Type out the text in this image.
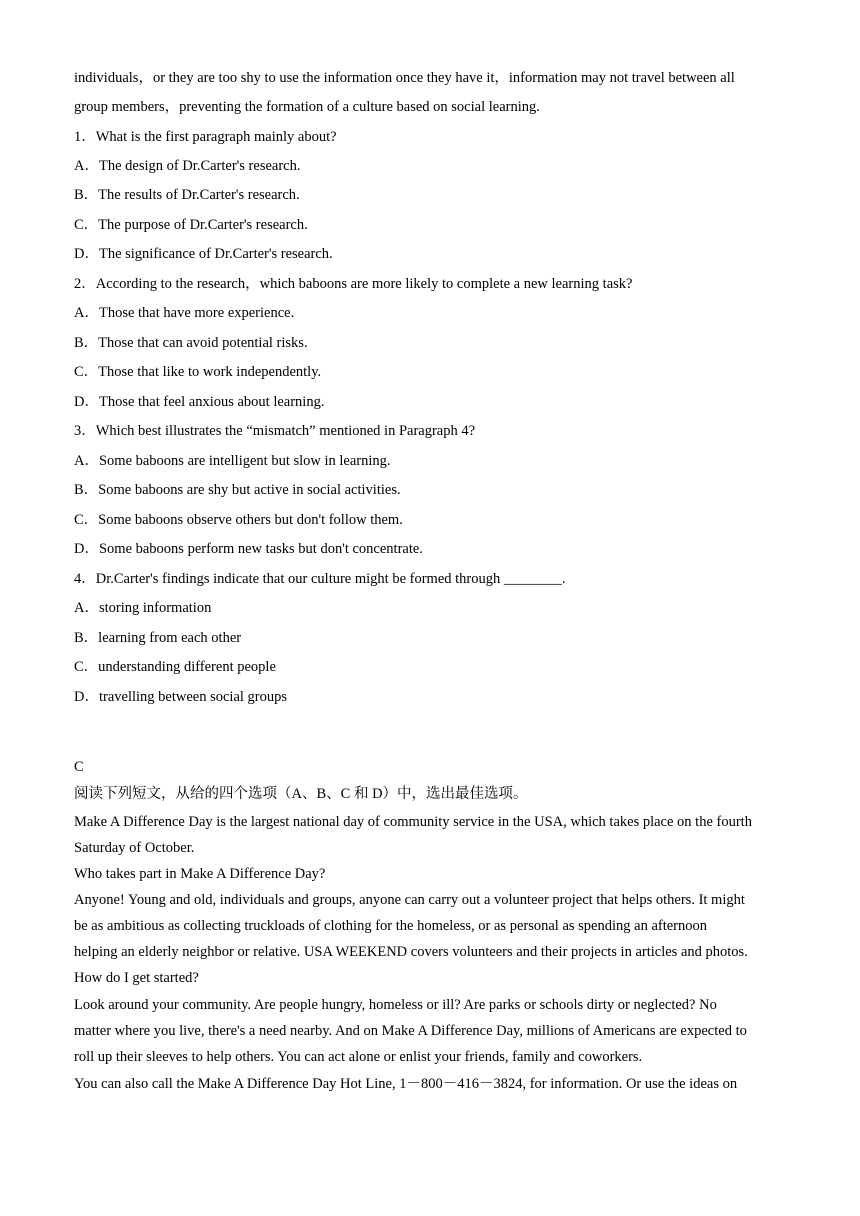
individuals，or they are too shy to use the information once they have it，information may not travel between all
group members，preventing the formation of a culture based on social learning.
1．What is the first paragraph mainly about?
A．The design of Dr.Carter's research.
B．The results of Dr.Carter's research.
C．The purpose of Dr.Carter's research.
D．The significance of Dr.Carter's research.
2．According to the research，which baboons are more likely to complete a new learning task?
A．Those that have more experience.
B．Those that can avoid potential risks.
C．Those that like to work independently.
D．Those that feel anxious about learning.
3．Which best illustrates the “mismatch” mentioned in Paragraph 4?
A．Some baboons are intelligent but slow in learning.
B．Some baboons are shy but active in social activities.
C．Some baboons observe others but don't follow them.
D．Some baboons perform new tasks but don't concentrate.
4．Dr.Carter's findings indicate that our culture might be formed through ________.
A．storing information
B．learning from each other
C．understanding different people
D．travelling between social groups
C
阅读下列短文，从给的四个选项（A、B、C 和 D）中，选出最佳选项。
Make A Difference Day is the largest national day of community service in the USA, which takes place on the fourth
Saturday of October.
Who takes part in Make A Difference Day?
Anyone! Young and old, individuals and groups, anyone can carry out a volunteer project that helps others. It might
be as ambitious as collecting truckloads of clothing for the homeless, or as personal as spending an afternoon
helping an elderly neighbor or relative. USA WEEKEND covers volunteers and their projects in articles and photos.
How do I get started?
Look around your community. Are people hungry, homeless or ill? Are parks or schools dirty or neglected? No
matter where you live, there's a need nearby. And on Make A Difference Day, millions of Americans are expected to
roll up their sleeves to help others. You can act alone or enlist your friends, family and coworkers.
You can also call the Make A Difference Day Hot Line, 1－800－416－3824, for information. Or use the ideas on
